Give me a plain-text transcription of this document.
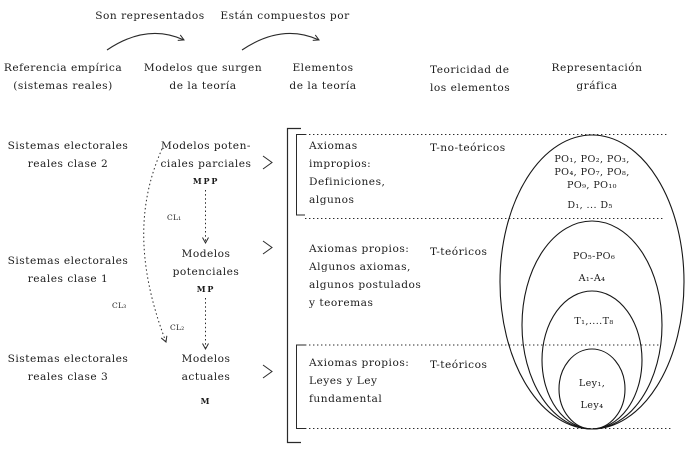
Son representados Están compuestos por
Referencia empírica
(sistemas reales)
Modelos que surgen
de la teoría
Elementos
de la teoría
Teoricidad de
los elementos
Representación
gráfica
Sistemas electorales
reales clase 2
Sistemas electorales
reales clase 1
Sistemas electorales
reales clase 3
Modelos poten-
ciales parciales
MPP
Modelos
potenciales
MP
Modelos
actuales
M
CL₁
CL₂
CL₃
Axiomas
impropios:
Definiciones,
algunos
Axiomas propios:
Algunos axiomas,
algunos postulados
y teoremas
Axiomas propios:
Leyes y Ley
fundamental
T-no-teóricos
T-teóricos
T-teóricos
PO₁, PO₂, PO₃,
PO₄, PO₇, PO₈,
PO₉, PO₁₀
D₁, ... D₅
PO₅-PO₆
A₁-A₄
T₁,....T₈
Ley₁,
Ley₄
